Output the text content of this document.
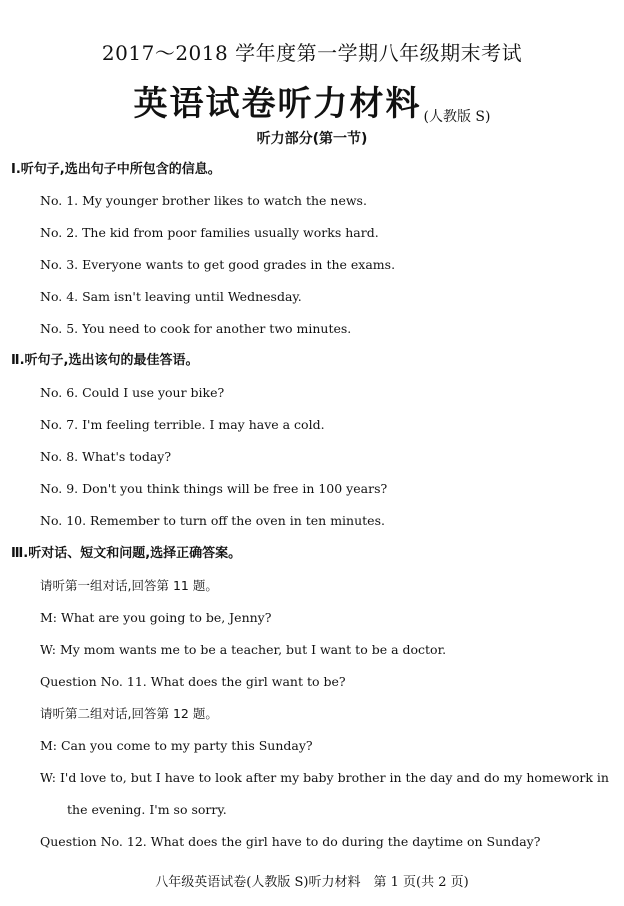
2017～2018 学年度第一学期八年级期末考试
英语试卷听力材料 (人教版 S)
听力部分(第一节)
Ⅰ.听句子,选出句子中所包含的信息。
No. 1. My younger brother likes to watch the news.
No. 2. The kid from poor families usually works hard.
No. 3. Everyone wants to get good grades in the exams.
No. 4. Sam isn't leaving until Wednesday.
No. 5. You need to cook for another two minutes.
Ⅱ.听句子,选出该句的最佳答语。
No. 6. Could I use your bike?
No. 7. I'm feeling terrible. I may have a cold.
No. 8. What's today?
No. 9. Don't you think things will be free in 100 years?
No. 10. Remember to turn off the oven in ten minutes.
Ⅲ.听对话、短文和问题,选择正确答案。
请听第一组对话,回答第 11 题。
M: What are you going to be, Jenny?
W: My mom wants me to be a teacher, but I want to be a doctor.
Question No. 11. What does the girl want to be?
请听第二组对话,回答第 12 题。
M: Can you come to my party this Sunday?
W: I'd love to, but I have to look after my baby brother in the day and do my homework in
the evening. I'm so sorry.
Question No. 12. What does the girl have to do during the daytime on Sunday?
八年级英语试卷(人教版 S)听力材料　第 1 页(共 2 页)
